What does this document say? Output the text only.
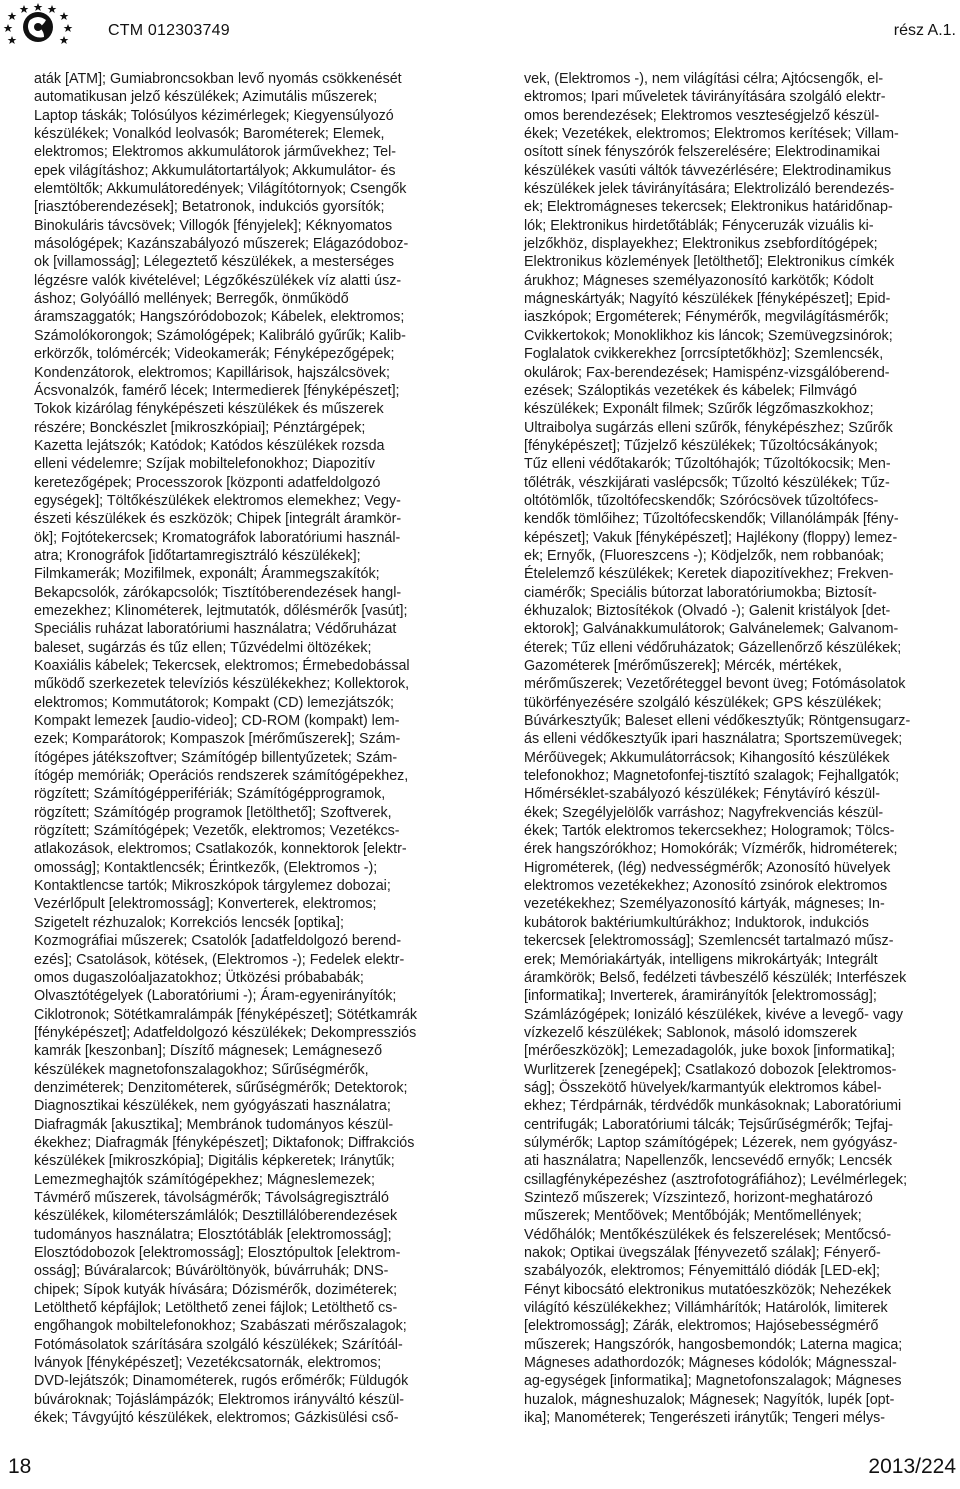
CTM 012303749	rész A.1.

aták [ATM]; Gumiabroncsokban levő nyomás csökkenését

automatikusan jelző készülékek; Azimutális műszerek;

Laptop táskák; Tolósúlyos kézimérlegek; Kiegyensúlyozó

készülékek; Vonalkód leolvasók; Barométerek; Elemek,

elektromos; Elektromos akkumulátorok járművekhez; Tel-

epek világításhoz; Akkumulátortartályok; Akkumulátor- és

elemtöltők; Akkumulátoredények; Világítótornyok; Csengők

[riasztóberendezések]; Betatronok, indukciós gyorsítók;

Binokuláris távcsövek; Villogók [fényjelek]; Kéknyomatos

másológépek; Kazánszabályozó műszerek; Elágazódoboz-

ok [villamosság]; Lélegeztető készülékek, a mesterséges

légzésre valók kivételével; Légzőkészülékek víz alatti úsz-

áshoz; Golyóálló mellények; Berregők, önműködő

áramszaggatók; Hangszóródobozok; Kábelek, elektromos;

Számolókorongok; Számológépek; Kalibráló gyűrűk; Kalib-

erkörzők, tolómércék; Videokamerák; Fényképezőgépek;

Kondenzátorok, elektromos; Kapillárisok, hajszálcsövek;

Ácsvonalzók, famérő lécek; Intermedierek [fényképészet];

Tokok kizárólag fényképészeti készülékek és műszerek

részére; Bonckészlet [mikroszkópiai]; Pénztárgépek;

Kazetta lejátszók; Katódok; Katódos készülékek rozsda

elleni védelemre; Szíjak mobiltelefonokhoz; Diapozitív

keretezőgépek; Processzorok [központi adatfeldolgozó

egységek]; Töltőkészülékek elektromos elemekhez; Vegy-

észeti készülékek és eszközök; Chipek [integrált áramkör-

ök]; Fojtótekercsek; Kromatográfok laboratóriumi használ-

atra; Kronográfok [időtartamregisztráló készülékek];

Filmkamerák; Mozifilmek, exponált; Árammegszakítók;

Bekapcsolók, zárókapcsolók; Tisztítóberendezések hangl-

emezekhez; Klinométerek, lejtmutatók, dőlésmérők [vasút];

Speciális ruházat laboratóriumi használatra; Védőruházat

baleset, sugárzás és tűz ellen; Tűzvédelmi öltözékek;

Koaxiális kábelek; Tekercsek, elektromos; Érmebedobással

működő szerkezetek televíziós készülékekhez; Kollektorok,

elektromos; Kommutátorok; Kompakt (CD) lemezjátszók;

Kompakt lemezek [audio-video]; CD-ROM (kompakt) lem-

ezek; Komparátorok; Kompaszok [mérőműszerek]; Szám-

ítógépes játékszoftver; Számítógép billentyűzetek; Szám-

ítógép memóriák; Operációs rendszerek számítógépekhez,

rögzített; Számítógépperifériák; Számítógépprogramok,

rögzített; Számítógép programok [letölthető]; Szoftverek,

rögzített; Számítógépek; Vezetők, elektromos; Vezetékcs-

atlakozások, elektromos; Csatlakozók, konnektorok [elektr-

omosság]; Kontaktlencsék; Érintkezők, (Elektromos -);

Kontaktlencse tartók; Mikroszkópok tárgylemez dobozai;

Vezérlőpult [elektromosság]; Konverterek, elektromos;

Szigetelt rézhuzalok; Korrekciós lencsék [optika];

Kozmográfiai műszerek; Csatolók [adatfeldolgozó berend-

ezés]; Csatolások, kötések, (Elektromos -); Fedelek elektr-

omos dugaszolóaljazatokhoz; Ütközési próbababák;

Olvasztótégelyek (Laboratóriumi -); Áram-egyenirányítók;

Ciklotronok; Sötétkamralámpák [fényképészet]; Sötétkamrák

[fényképészet]; Adatfeldolgozó készülékek; Dekompressziós

kamrák [keszonban]; Díszítő mágnesek; Lemágnesező

készülékek magnetofonszalagokhoz; Sűrűségmérők,

denziméterek; Denzitométerek, sűrűségmérők; Detektorok;

Diagnosztikai készülékek, nem gyógyászati használatra;

Diafragmák [akusztika]; Membránok tudományos készül-

ékekhez; Diafragmák [fényképészet]; Diktafonok; Diffrakciós

készülékek [mikroszkópia]; Digitális képkeretek; Iránytűk;

Lemezmeghajtók számítógépekhez; Mágneslemezek;

Távmérő műszerek, távolságmérők; Távolságregisztráló

készülékek, kilométerszámlálók; Desztillálóberendezések

tudományos használatra; Elosztótáblák [elektromosság];

Elosztódobozok [elektromosság]; Elosztópultok [elektrom-

osság]; Búváralarcok; Búváröltönyök, búvárruhák; DNS-

chipek; Sípok kutyák hívására; Dózismérők, doziméterek;

Letölthető képfájlok; Letölthető zenei fájlok; Letölthető cs-

engőhangok mobiltelefonokhoz; Szabászati mérőszalagok;

Fotómásolatok szárítására szolgáló készülékek; Szárítóál-

lványok [fényképészet]; Vezetékcsatornák, elektromos;

DVD-lejátszók; Dinamométerek, rugós erőmérők; Füldugók

búvároknak; Tojáslámpázók; Elektromos irányváltó készül-

ékek; Távgyújtó készülékek, elektromos; Gázkisülési cső-

vek, (Elektromos -), nem világítási célra; Ajtócsengők, el-

ektromos; Ipari műveletek távirányítására szolgáló elektr-

omos berendezések; Elektromos veszteségjelző készül-

ékek; Vezetékek, elektromos; Elektromos kerítések; Villam-

osított sínek fényszórók felszerelésére; Elektrodinamikai

készülékek vasúti váltók távvezérlésére; Elektrodinamikus

készülékek jelek távirányítására; Elektrolizáló berendezés-

ek; Elektromágneses tekercsek; Elektronikus határidőnap-

lók; Elektronikus hirdetőtáblák; Fényceruzák vizuális ki-

jelzőkhöz, displayekhez; Elektronikus zsebfordítógépek;

Elektronikus közlemények [letölthető]; Elektronikus címkék

árukhoz; Mágneses személyazonosító karkötők; Kódolt

mágneskártyák; Nagyító készülékek [fényképészet]; Epid-

iaszkópok; Ergométerek; Fénymérők, megvilágításmérők;

Cvikkertokok; Monoklikhoz kis láncok; Szemüvegzsinórok;

Foglalatok cvikkerekhez [orrcsíptetőkhöz]; Szemlencsék,

okulárok; Fax-berendezések; Hamispénz-vizsgálóberend-

ezések; Száloptikás vezetékek és kábelek; Filmvágó

készülékek; Exponált filmek; Szűrők légzőmaszkokhoz;

Ultraibolya sugárzás elleni szűrők, fényképészhez; Szűrők

[fényképészet]; Tűzjelző készülékek; Tűzoltócsákányok;

Tűz elleni védőtakarók; Tűzoltóhajók; Tűzoltókocsik; Men-

tőlétrák, vészkijárati vaslépcsők; Tűzoltó készülékek; Tűz-

oltótömlők, tűzoltófecskendők; Szórócsövek tűzoltófecs-

kendők tömlőihez; Tűzoltófecskendők; Villanólámpák [fény-

képészet]; Vakuk [fényképészet]; Hajlékony (floppy) lemez-

ek; Ernyők, (Fluoreszcens -); Ködjelzők, nem robbanóak;

Ételelemző készülékek; Keretek diapozitívekhez; Frekven-

ciamérők; Speciális bútorzat laboratóriumokba; Biztosít-

ékhuzalok; Biztosítékok (Olvadó -); Galenit kristályok [det-

ektorok]; Galvánakkumulátorok; Galvánelemek; Galvanom-

éterek; Tűz elleni védőruházatok; Gázellenőrző készülékek;

Gazométerek [mérőműszerek]; Mércék, mértékek,

mérőműszerek; Vezetőréteggel bevont üveg; Fotómásolatok

tükörfényezésére szolgáló készülékek; GPS készülékek;

Búvárkesztyűk; Baleset elleni védőkesztyűk; Röntgensugarz-

ás elleni védőkesztyűk ipari használatra; Sportszemüvegek;

Mérőüvegek; Akkumulátorrácsok; Kihangosító készülékek

telefonokhoz; Magnetofonfej-tisztító szalagok; Fejhallgatók;

Hőmérséklet-szabályozó készülékek; Fénytávíró készül-

ékek; Szegélyjelölők varráshoz; Nagyfrekvenciás készül-

ékek; Tartók elektromos tekercsekhez; Hologramok; Tölcs-

érek hangszórókhoz; Homokórák; Vízmérők, hidrométerek;

Higrométerek, (lég) nedvességmérők; Azonosító hüvelyek

elektromos vezetékekhez; Azonosító zsinórok elektromos

vezetékekhez; Személyazonosító kártyák, mágneses; In-

kubátorok baktériumkultúrákhoz; Induktorok, indukciós

tekercsek [elektromosság]; Szemlencsét tartalmazó műsz-

erek; Memóriakártyák, intelligens mikrokártyák; Integrált

áramkörök; Belső, fedélzeti távbeszélő készülék; Interfészek

[informatika]; Inverterek, áramirányítók [elektromosság];

Számlázógépek; Ionizáló készülékek, kivéve a levegő- vagy

vízkezelő készülékek; Sablonok, másoló idomszerek

[mérőeszközök]; Lemezadagolók, juke boxok [informatika];

Wurlitzerek [zenegépek]; Csatlakozó dobozok [elektromos-

ság]; Összekötő hüvelyek/karmantyúk elektromos kábel-

ekhez; Térdpárnák, térdvédők munkásoknak; Laboratóriumi

centrifugák; Laboratóriumi tálcák; Tejsűrűségmérők; Tejfaj-

súlymérők; Laptop számítógépek; Lézerek, nem gyógyász-

ati használatra; Napellenzők, lencsevédő ernyők; Lencsék

csillagfényképezéshez (asztrofotográfiához); Levélmérlegek;

Szintező műszerek; Vízszintező, horizont-meghatározó

műszerek; Mentőövek; Mentőbóják; Mentőmellények;

Védőhálók; Mentőkészülékek és felszerelések; Mentőcsó-

nakok; Optikai üvegszálak [fényvezető szálak]; Fényerő-

szabályozók, elektromos; Fényemittáló diódák [LED-ek];

Fényt kibocsátó elektronikus mutatóeszközök; Nehezékek

világító készülékekhez; Villámhárítók; Határolók, limiterek

[elektromosság]; Zárák, elektromos; Hajósebességmérő

műszerek; Hangszórók, hangosbemondók; Laterna magica;

Mágneses adathordozók; Mágneses kódolók; Mágnesszal-

ag-egységek [informatika]; Magnetofonszalagok; Mágneses

huzalok, mágneshuzalok; Mágnesek; Nagyítók, lupék [opt-

ika]; Manométerek; Tengerészeti iránytűk; Tengeri mélys-

18	2013/224
